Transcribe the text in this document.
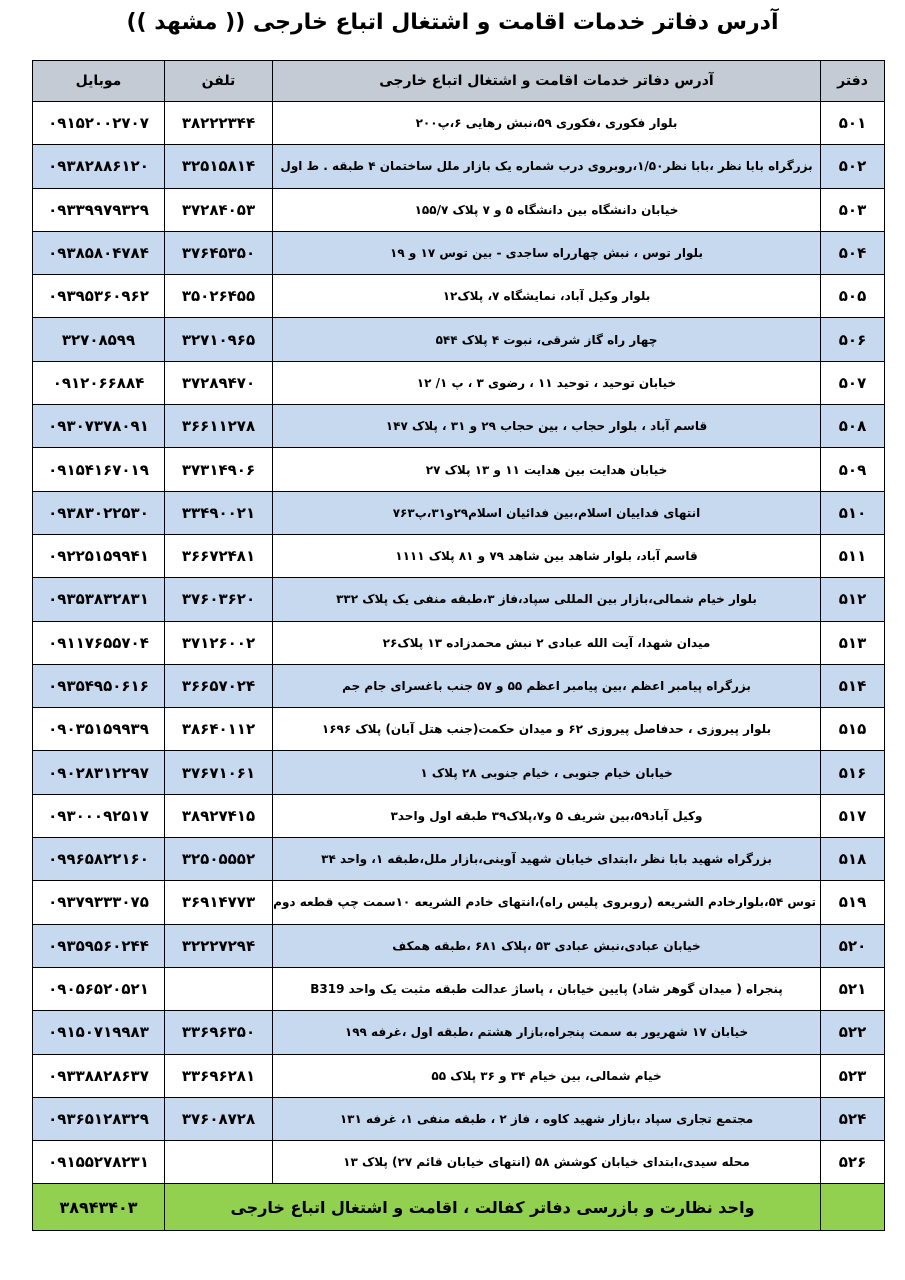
آدرس دفاتر خدمات اقامت و اشتغال اتباع خارجی (( مشهد ))
دفتر	آدرس دفاتر خدمات اقامت و اشتغال اتباع خارجی	تلفن	موبایل
۵۰۱	بلوار فکوری ،فکوری ۵۹،نبش رهایی ۶،پ۲۰۰	۳۸۲۲۲۳۴۴	۰۹۱۵۲۰۰۲۷۰۷
۵۰۲	بزرگراه بابا نظر ،بابا نظر۱/۵۰،روبروی درب شماره یک بازار ملل ساختمان ۴ طبقه . ط اول	۳۲۵۱۵۸۱۴	۰۹۳۸۲۸۸۶۱۲۰
۵۰۳	خیابان دانشگاه بین دانشگاه ۵ و ۷ پلاک ۱۵۵/۷	۳۷۲۸۴۰۵۳	۰۹۳۳۹۹۷۹۳۲۹
۵۰۴	بلوار توس ، نبش چهارراه ساجدی - بین توس ۱۷ و ۱۹	۳۷۶۴۵۳۵۰	۰۹۳۸۵۸۰۴۷۸۴
۵۰۵	بلوار وکیل آباد، نمایشگاه ۷، پلاک۱۲	۳۵۰۲۶۴۵۵	۰۹۳۹۵۳۶۰۹۶۲
۵۰۶	چهار راه گاز شرقی، نبوت ۴ پلاک ۵۴۴	۳۲۷۱۰۹۶۵	۳۲۷۰۸۵۹۹
۵۰۷	خیابان توحید ، توحید ۱۱ ، رضوی ۳ ، پ ۱/ ۱۲	۳۷۲۸۹۴۷۰	۰۹۱۲۰۶۶۸۸۴
۵۰۸	قاسم آباد ، بلوار حجاب ، بین حجاب ۲۹ و ۳۱ ، پلاک ۱۴۷	۳۶۶۱۱۲۷۸	۰۹۳۰۷۳۷۸۰۹۱
۵۰۹	خیابان هدایت بین هدایت ۱۱ و ۱۳ پلاک ۲۷	۳۷۳۱۴۹۰۶	۰۹۱۵۴۱۶۷۰۱۹
۵۱۰	انتهای فداییان اسلام،بین فدائیان اسلام۲۹و۳۱،پ۷۶۳	۳۳۴۹۰۰۲۱	۰۹۳۸۳۰۲۲۵۳۰
۵۱۱	قاسم آباد، بلوار شاهد بین شاهد ۷۹ و ۸۱ پلاک ۱۱۱۱	۳۶۶۷۲۴۸۱	۰۹۲۲۵۱۵۹۹۴۱
۵۱۲	بلوار خیام شمالی،بازار بین المللی سپاد،فاز ۳،طبقه منفی یک پلاک ۳۳۲	۳۷۶۰۳۶۲۰	۰۹۳۵۳۸۳۲۸۳۱
۵۱۳	میدان شهدا، آیت الله عبادی ۲ نبش محمدزاده ۱۳ پلاک۲۶	۳۷۱۲۶۰۰۲	۰۹۱۱۷۶۵۵۷۰۴
۵۱۴	بزرگراه پیامبر اعظم ،بین پیامبر اعظم ۵۵ و ۵۷ جنب باغسرای جام جم	۳۶۶۵۷۰۲۴	۰۹۳۵۴۹۵۰۶۱۶
۵۱۵	بلوار پیروزی ، حدفاصل پیروزی ۶۲ و میدان حکمت(جنب هتل آبان) پلاک ۱۶۹۶	۳۸۶۴۰۱۱۲	۰۹۰۳۵۱۵۹۹۳۹
۵۱۶	خیابان خیام جنوبی ، خیام جنوبی ۲۸ پلاک ۱	۳۷۶۷۱۰۶۱	۰۹۰۲۸۳۱۲۲۹۷
۵۱۷	وکیل آباد۵۹،بین شریف ۵ و۷،پلاک۳۹ طبقه اول واحد۳	۳۸۹۲۷۴۱۵	۰۹۳۰۰۰۹۲۵۱۷
۵۱۸	بزرگراه شهید بابا نظر ،ابتدای خیابان شهید آوینی،بازار ملل،طبقه ۱، واحد ۳۴	۳۲۵۰۵۵۵۲	۰۹۹۶۵۸۲۲۱۶۰
۵۱۹	توس ۵۴،بلوارخادم الشریعه (روبروی پلیس راه)،انتهای خادم الشریعه ۱۰سمت چپ قطعه دوم	۳۶۹۱۴۷۷۳	۰۹۳۷۹۳۳۳۰۷۵
۵۲۰	خیابان عبادی،نبش عبادی ۵۳ ،پلاک ۶۸۱ ،طبقه همکف	۳۲۲۲۷۲۹۴	۰۹۳۵۹۵۶۰۲۴۴
۵۲۱	پنجراه ( میدان گوهر شاد) پایین خیابان ، پاساژ عدالت طبقه مثبت یک واحد B319		۰۹۰۵۶۵۲۰۵۲۱
۵۲۲	خیابان ۱۷ شهریور به سمت پنجراه،بازار هشتم ،طبقه اول ،غرفه ۱۹۹	۳۳۶۹۶۳۵۰	۰۹۱۵۰۷۱۹۹۸۳
۵۲۳	خیام شمالی، بین خیام ۳۴ و ۳۶ پلاک ۵۵	۳۳۶۹۶۲۸۱	۰۹۳۳۸۸۲۸۶۳۷
۵۲۴	مجتمع تجاری سپاد ،بازار شهید کاوه ، فاز ۲ ، طبقه منفی ۱، غرفه ۱۳۱	۳۷۶۰۸۷۲۸	۰۹۳۶۵۱۲۸۳۲۹
۵۲۶	محله سیدی،ابتدای خیابان کوشش ۵۸ (انتهای خیابان قائم ۲۷) پلاک ۱۳		۰۹۱۵۵۲۷۸۲۳۱
	واحد نظارت و بازرسی دفاتر کفالت ، اقامت و اشتغال اتباع خارجی		۳۸۹۴۳۴۰۳
